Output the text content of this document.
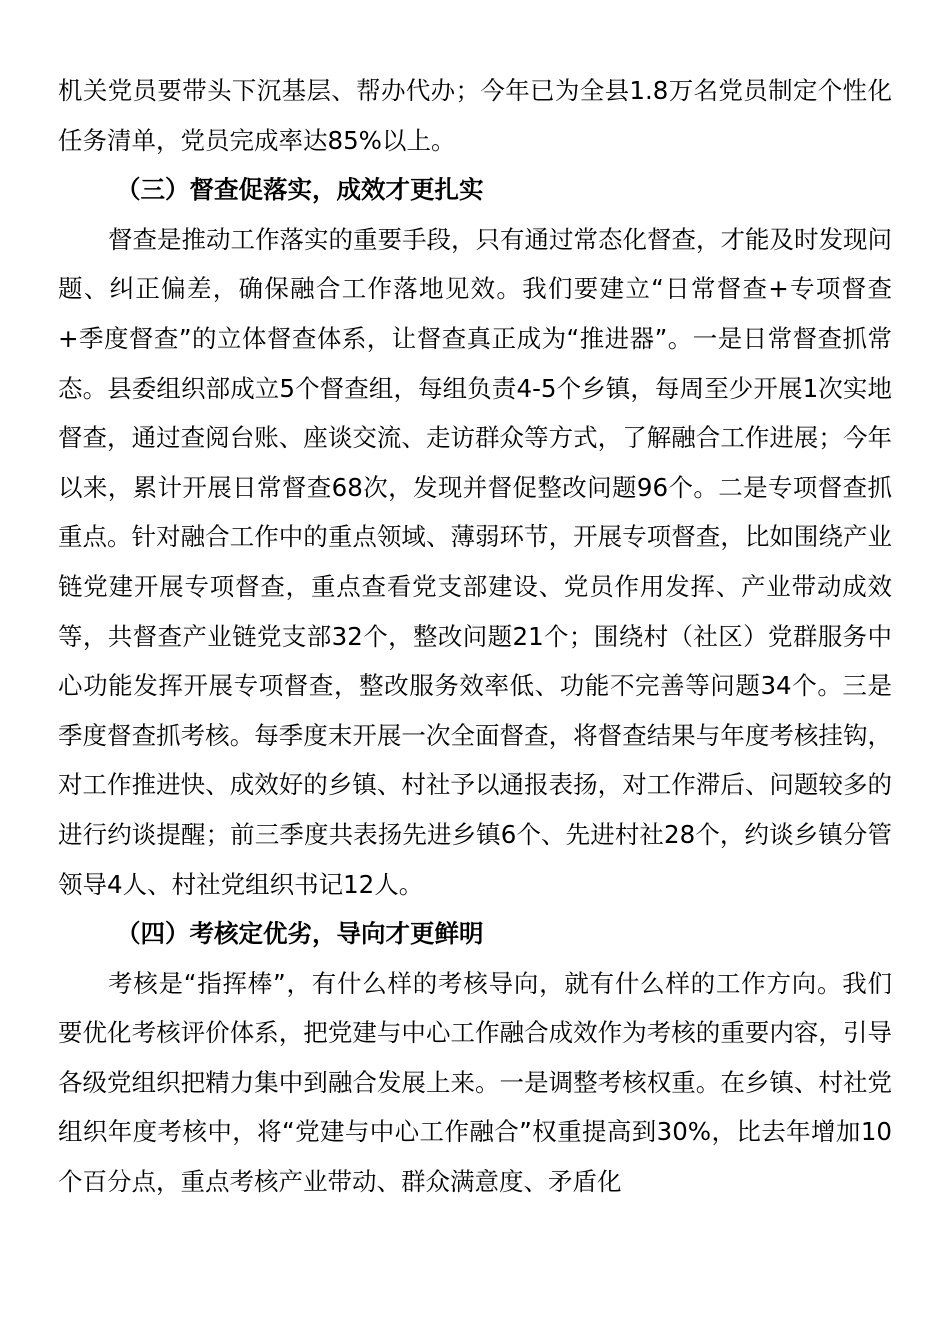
机关党员要带头下沉基层、帮办代办；今年已为全县1.8万名党员制定个性化任务清单，党员完成率达85%以上。

（三）督查促落实，成效才更扎实

督查是推动工作落实的重要手段，只有通过常态化督查，才能及时发现问题、纠正偏差，确保融合工作落地见效。我们要建立“日常督查+专项督查+季度督查”的立体督查体系，让督查真正成为“推进器”。一是日常督查抓常态。县委组织部成立5个督查组，每组负责4-5个乡镇，每周至少开展1次实地督查，通过查阅台账、座谈交流、走访群众等方式，了解融合工作进展；今年以来，累计开展日常督查68次，发现并督促整改问题96个。二是专项督查抓重点。针对融合工作中的重点领域、薄弱环节，开展专项督查，比如围绕产业链党建开展专项督查，重点查看党支部建设、党员作用发挥、产业带动成效等，共督查产业链党支部32个，整改问题21个；围绕村（社区）党群服务中心功能发挥开展专项督查，整改服务效率低、功能不完善等问题34个。三是季度督查抓考核。每季度末开展一次全面督查，将督查结果与年度考核挂钩，对工作推进快、成效好的乡镇、村社予以通报表扬，对工作滞后、问题较多的进行约谈提醒；前三季度共表扬先进乡镇6个、先进村社28个，约谈乡镇分管领导4人、村社党组织书记12人。

（四）考核定优劣，导向才更鲜明

考核是“指挥棒”，有什么样的考核导向，就有什么样的工作方向。我们要优化考核评价体系，把党建与中心工作融合成效作为考核的重要内容，引导各级党组织把精力集中到融合发展上来。一是调整考核权重。在乡镇、村社党组织年度考核中，将“党建与中心工作融合”权重提高到30%，比去年增加10个百分点，重点考核产业带动、群众满意度、矛盾化
